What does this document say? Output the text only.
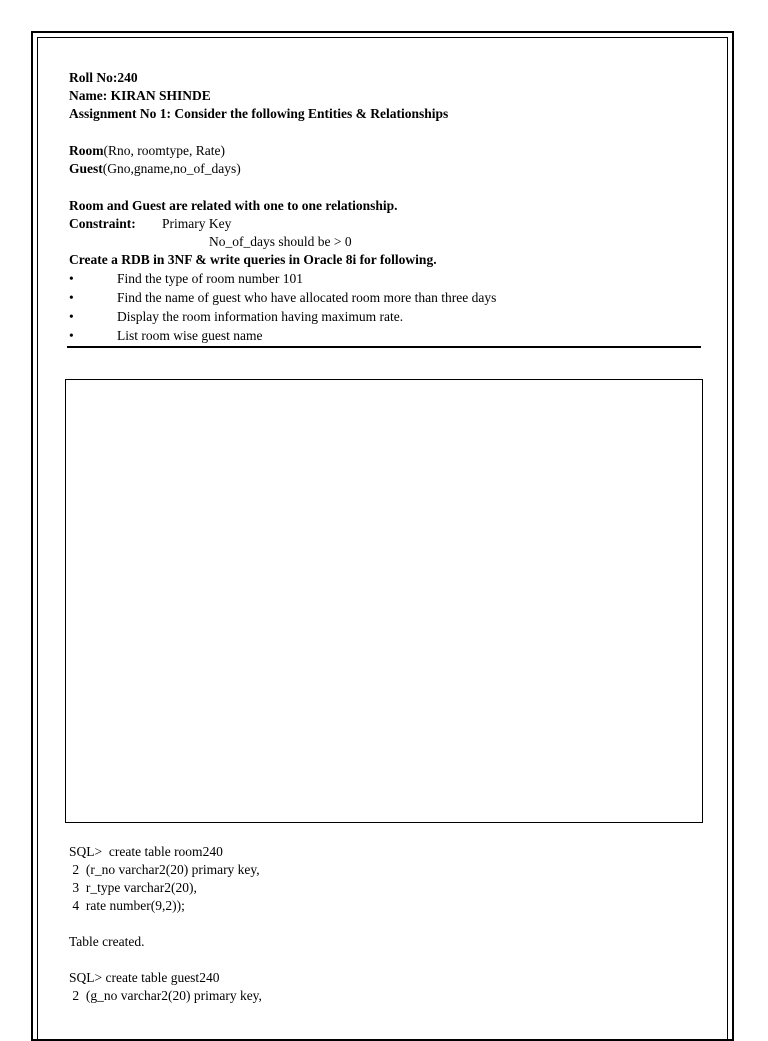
Roll No:240
Name: KIRAN SHINDE
Assignment No 1: Consider the following Entities & Relationships
Room(Rno, roomtype, Rate)
Guest(Gno,gname,no_of_days)
Room and Guest are related with one to one relationship.
Constraint: Primary Key
No_of_days should be > 0
Create a RDB in 3NF & write queries in Oracle 8i for following.
•	Find the type of room number 101
•	Find the name of guest who have allocated room more than three days
•	Display the room information having maximum rate.
•	List room wise guest name
SQL>  create table room240
2  (r_no varchar2(20) primary key,
3  r_type varchar2(20),
4  rate number(9,2));
Table created.
SQL> create table guest240
2  (g_no varchar2(20) primary key,
